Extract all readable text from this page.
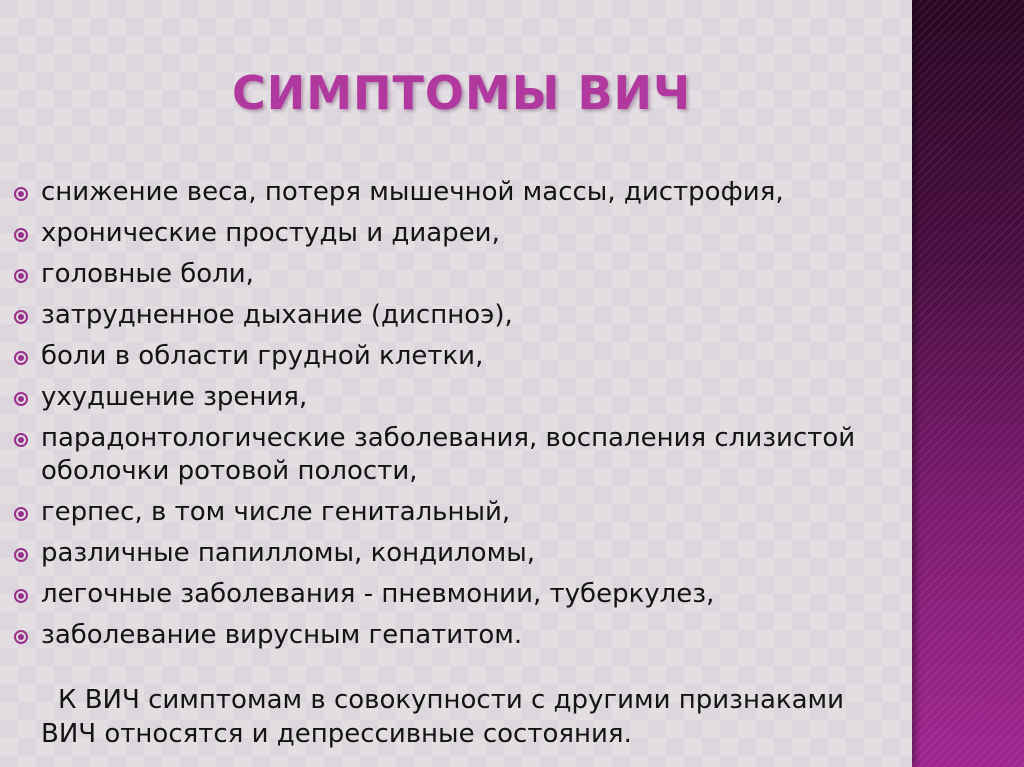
СИМПТОМЫ ВИЧ
снижение веса, потеря мышечной массы, дистрофия,
хронические простуды и диареи,
головные боли,
затрудненное дыхание (диспноэ),
боли в области грудной клетки,
ухудшение зрения,
парадонтологические заболевания, воспаления слизистой оболочки ротовой полости,
герпес, в том числе генитальный,
различные папилломы, кондиломы,
легочные заболевания - пневмонии, туберкулез,
заболевание вирусным гепатитом.
К ВИЧ симптомам в совокупности с другими признаками ВИЧ относятся и депрессивные состояния.
